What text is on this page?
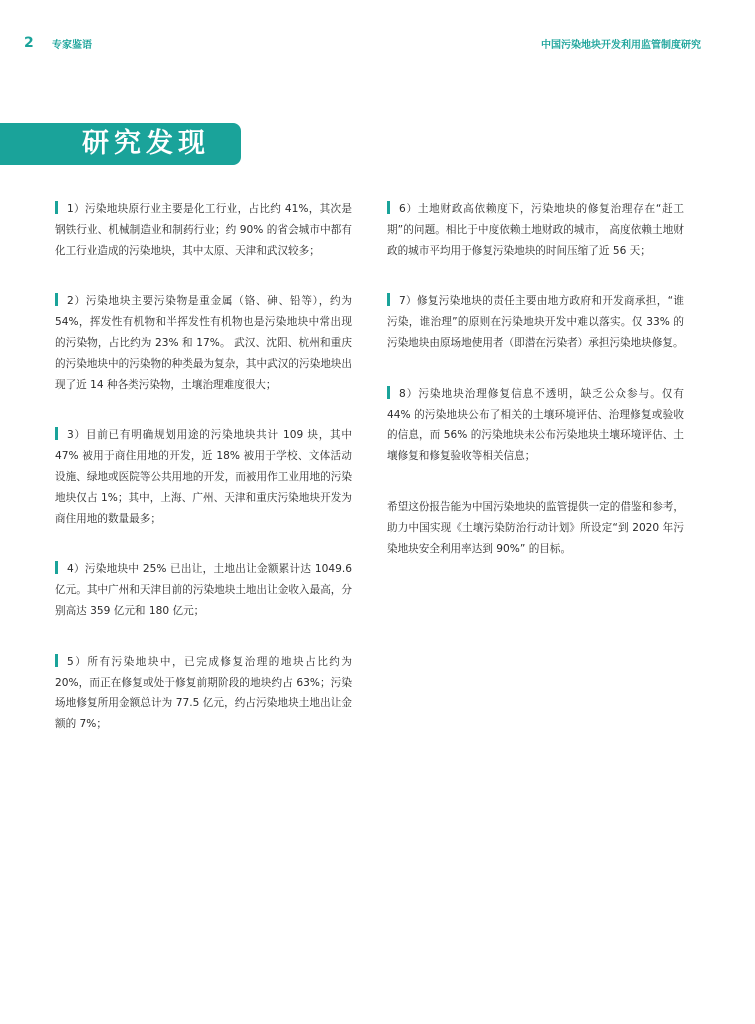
2 专家鉴语	中国污染地块开发利用监管制度研究
研究发现

1）污染地块原行业主要是化工行业，占比约 41%，其次是钢铁行业、机械制造业和制药行业；约 90% 的省会城市中都有化工行业造成的污染地块，其中太原、天津和武汉较多；

2）污染地块主要污染物是重金属（铬、砷、铅等），约为 54%，挥发性有机物和半挥发性有机物也是污染地块中常出现的污染物，占比约为 23% 和 17%。 武汉、沈阳、杭州和重庆的污染地块中的污染物的种类最为复杂，其中武汉的污染地块出现了近 14 种各类污染物，土壤治理难度很大；

3）目前已有明确规划用途的污染地块共计 109 块，其中 47% 被用于商住用地的开发，近 18% 被用于学校、文体活动设施、绿地或医院等公共用地的开发，而被用作工业用地的污染地块仅占 1%；其中，上海、广州、天津和重庆污染地块开发为商住用地的数量最多；

4）污染地块中 25% 已出让，土地出让金额累计达 1049.6 亿元。其中广州和天津目前的污染地块土地出让金收入最高，分别高达 359 亿元和 180 亿元；

5）所有污染地块中，已完成修复治理的地块占比约为 20%，而正在修复或处于修复前期阶段的地块约占 63%；污染场地修复所用金额总计为 77.5 亿元，约占污染地块土地出让金额的 7%；

6）土地财政高依赖度下，污染地块的修复治理存在“赶工期”的问题。相比于中度依赖土地财政的城市， 高度依赖土地财政的城市平均用于修复污染地块的时间压缩了近 56 天；

7）修复污染地块的责任主要由地方政府和开发商承担，“谁污染，谁治理”的原则在污染地块开发中难以落实。仅 33% 的污染地块由原场地使用者（即潜在污染者）承担污染地块修复。

8）污染地块治理修复信息不透明，缺乏公众参与。仅有 44% 的污染地块公布了相关的土壤环境评估、治理修复或验收的信息，而 56% 的污染地块未公布污染地块土壤环境评估、土壤修复和修复验收等相关信息；

希望这份报告能为中国污染地块的监管提供一定的借鉴和参考，助力中国实现《土壤污染防治行动计划》所设定“到 2020 年污染地块安全利用率达到 90%” 的目标。
